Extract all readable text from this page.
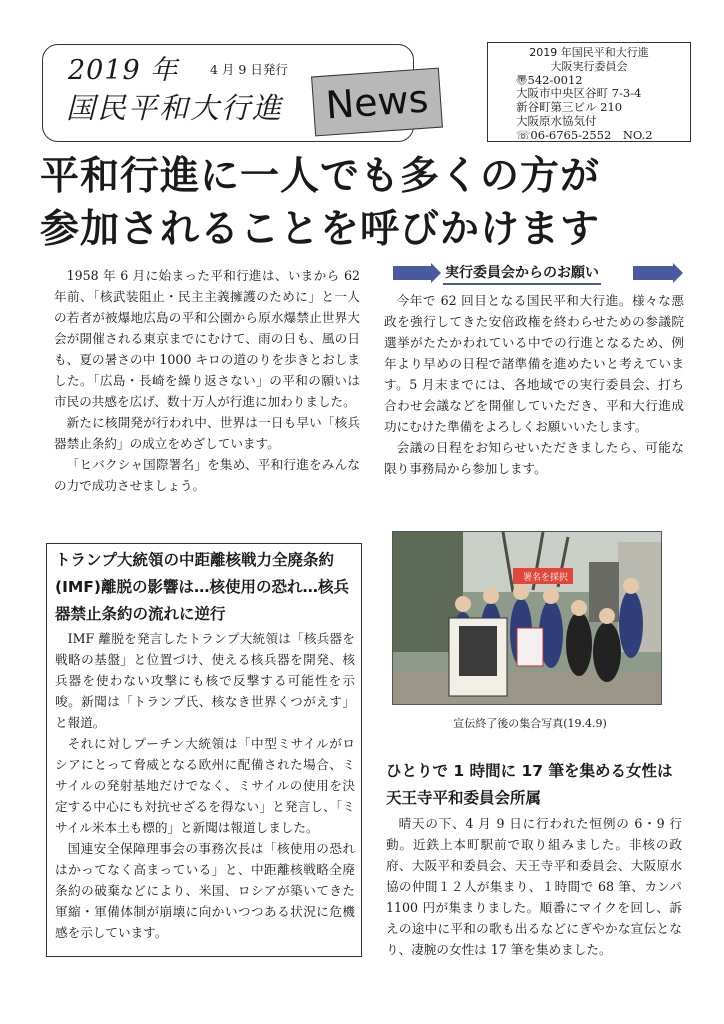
2019 年	4 月 9 日発行
国民平和大行進 News
2019 年国民平和大行進
大阪実行委員会
〠542-0012
大阪市中央区谷町 7-3-4
新谷町第三ビル 210
大阪原水協気付
☏06-6765-2552　NO.2
平和行進に一人でも多くの方が
参加されることを呼びかけます

1958 年 6 月に始まった平和行進は、いまから 62 年前、「核武装阻止・民主主義擁護のために」と一人の若者が被爆地広島の平和公園から原水爆禁止世界大会が開催される東京までにむけて、雨の日も、風の日も、夏の暑さの中 1000 キロの道のりを歩きとおしました。「広島・長崎を繰り返さない」の平和の願いは市民の共感を広げ、数十万人が行進に加わりました。

新たに核開発が行われ中、世界は一日も早い「核兵器禁止条約」の成立をめざしています。

「ヒバクシャ国際署名」を集め、平和行進をみんなの力で成功させましょう。

実行委員会からのお願い

今年で 62 回目となる国民平和大行進。様々な悪政を強行してきた安倍政権を終わらせための参議院選挙がたたかわれている中での行進となるため、例年より早めの日程で諸準備を進めたいと考えています。5 月末までには、各地域での実行委員会、打ち合わせ会議などを開催していただき、平和大行進成功にむけた準備をよろしくお願いいたします。

会議の日程をお知らせいただきましたら、可能な限り事務局から参加します。

トランプ大統領の中距離核戦力全廃条約(IMF)離脱の影響は…核使用の恐れ…核兵器禁止条約の流れに逆行

IMF 離脱を発言したトランプ大統領は「核兵器を戦略の基盤」と位置づけ、使える核兵器を開発、核兵器を使わない攻撃にも核で反撃する可能性を示唆。新聞は「トランプ氏、核なき世界くつがえす」と報道。

それに対しプーチン大統領は「中型ミサイルがロシアにとって脅威となる欧州に配備された場合、ミサイルの発射基地だけでなく、ミサイルの使用を決定する中心にも対抗せざるを得ない」と発言し、「ミサイル米本土も標的」と新聞は報道しました。

国連安全保障理事会の事務次長は「核使用の恐れはかってなく高まっている」と、中距離核戦略全廃条約の破棄などにより、米国、ロシアが築いてきた軍縮・軍備体制が崩壊に向かいつつある状況に危機感を示しています。

署名を採択
宣伝終了後の集合写真(19.4.9)
ひとりで 1 時間に 17 筆を集める女性は天王寺平和委員会所属

晴天の下、4 月 9 日に行われた恒例の 6・9 行動。近鉄上本町駅前で取り組みました。非核の政府、大阪平和委員会、天王寺平和委員会、大阪原水協の仲間１２人が集まり、１時間で 68 筆、カンパ 1100 円が集まりました。順番にマイクを回し、訴えの途中に平和の歌も出るなどにぎやかな宣伝となり、凄腕の女性は 17 筆を集めました。
